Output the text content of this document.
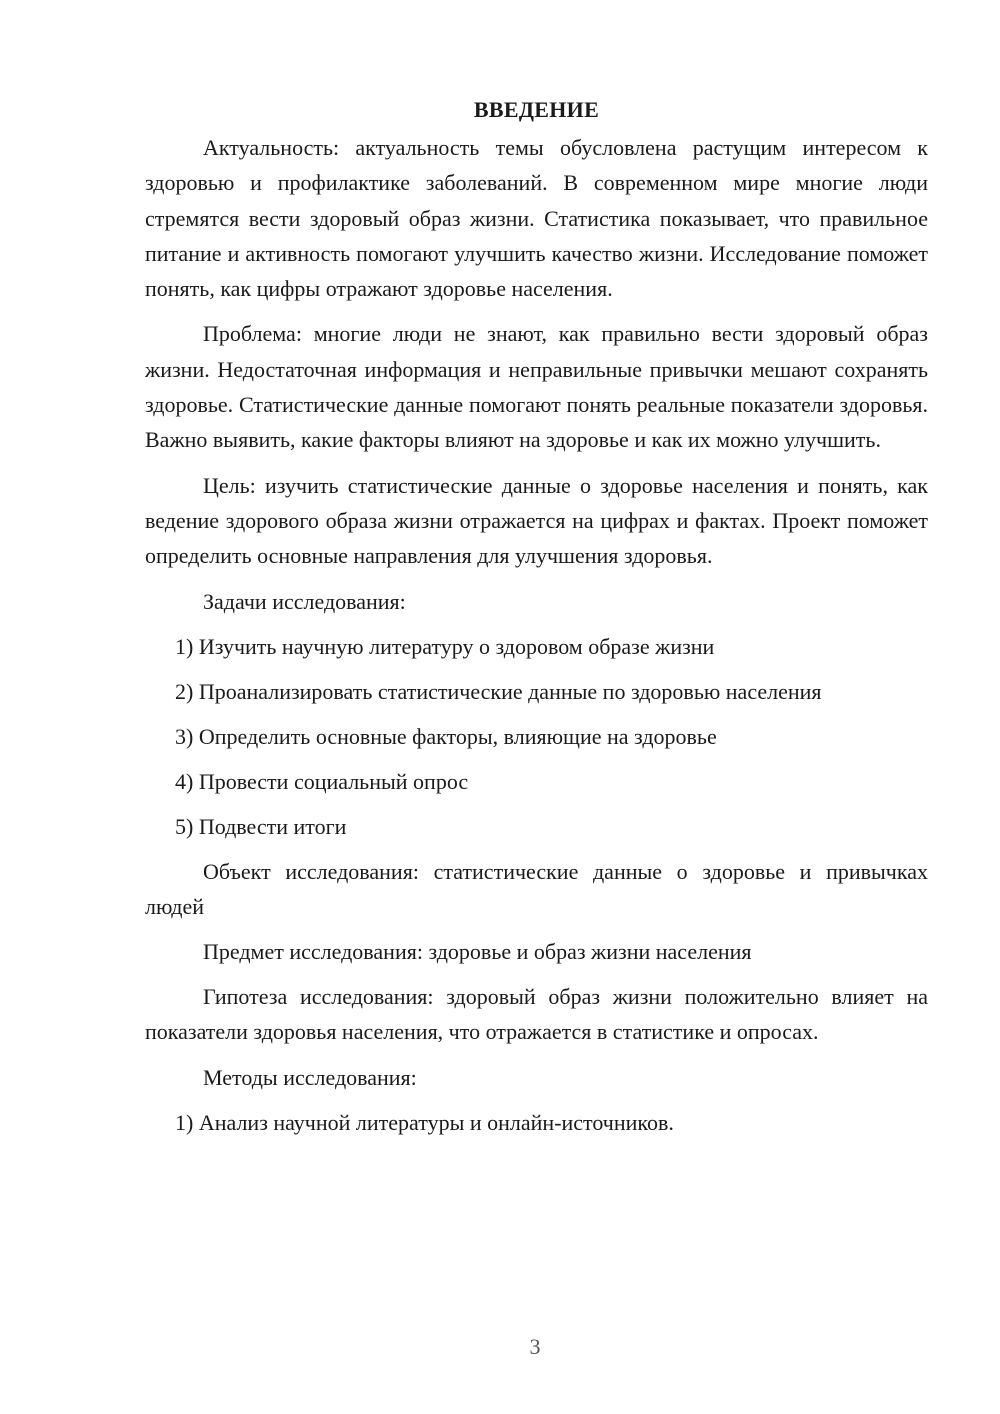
ВВЕДЕНИЕ

Актуальность: актуальность темы обусловлена растущим интересом к здоровью и профилактике заболеваний. В современном мире многие люди стремятся вести здоровый образ жизни. Статистика показывает, что правильное питание и активность помогают улучшить качество жизни. Исследование поможет понять, как цифры отражают здоровье населения.

Проблема: многие люди не знают, как правильно вести здоровый образ жизни. Недостаточная информация и неправильные привычки мешают сохранять здоровье. Статистические данные помогают понять реальные показатели здоровья. Важно выявить, какие факторы влияют на здоровье и как их можно улучшить.

Цель: изучить статистические данные о здоровье населения и понять, как ведение здорового образа жизни отражается на цифрах и фактах. Проект поможет определить основные направления для улучшения здоровья.

Задачи исследования:

1) Изучить научную литературу о здоровом образе жизни
2) Проанализировать статистические данные по здоровью населения
3) Определить основные факторы, влияющие на здоровье
4) Провести социальный опрос
5) Подвести итоги

Объект исследования: статистические данные о здоровье и привычках людей

Предмет исследования: здоровье и образ жизни населения

Гипотеза исследования: здоровый образ жизни положительно влияет на показатели здоровья населения, что отражается в статистике и опросах.

Методы исследования:

1) Анализ научной литературы и онлайн-источников.
3
